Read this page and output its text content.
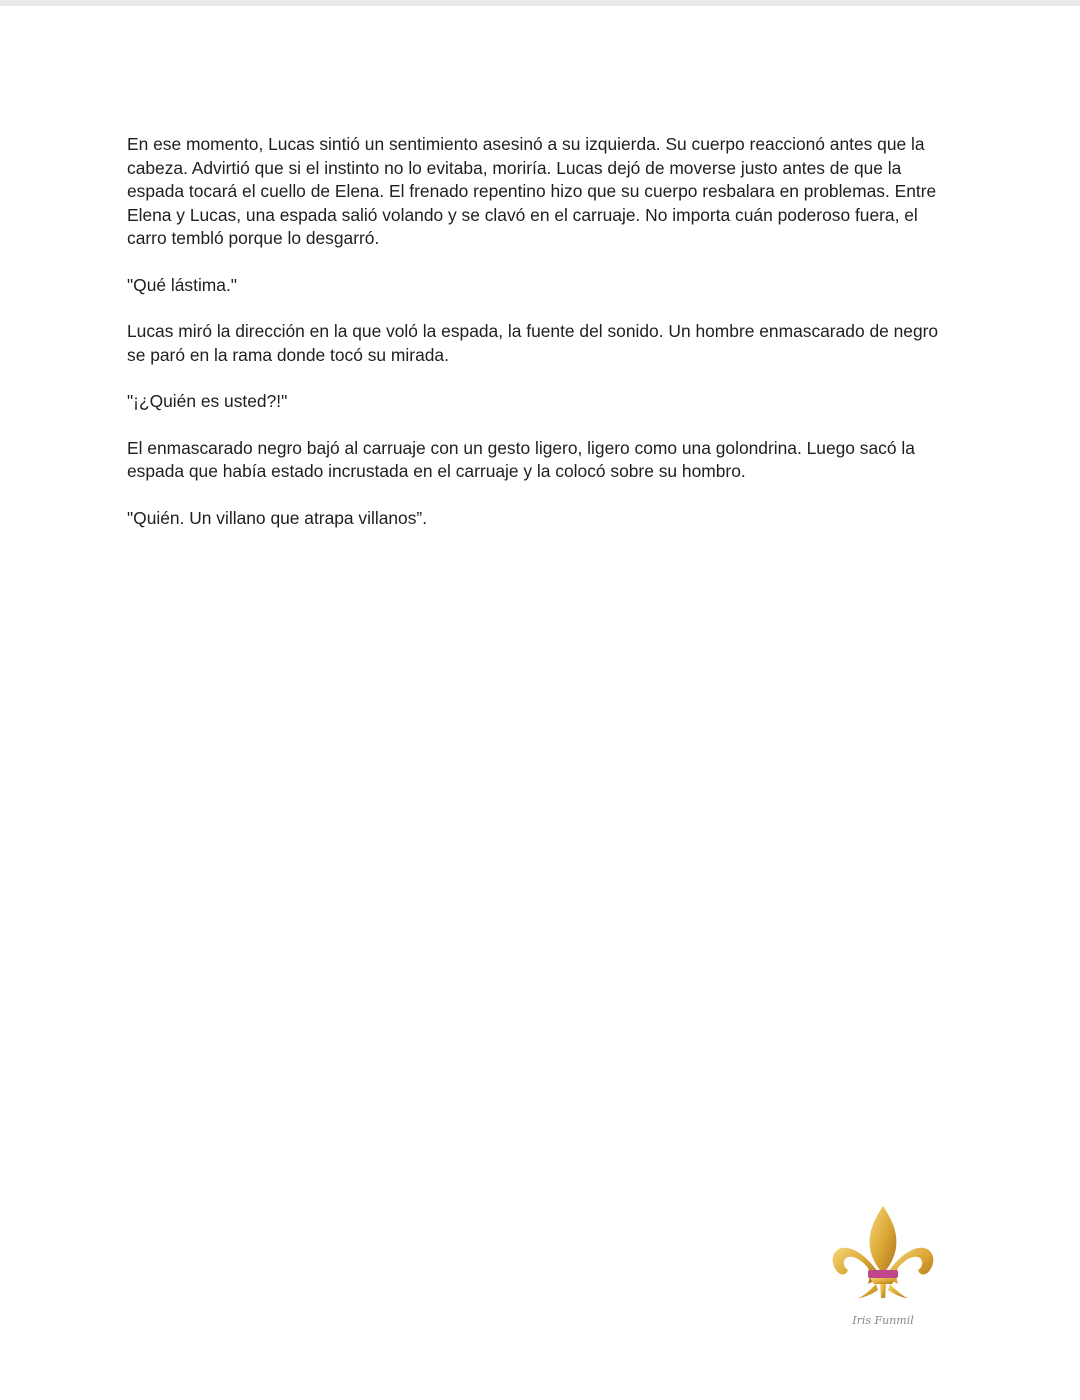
En ese momento, Lucas sintió un sentimiento asesinó a su izquierda. Su cuerpo reaccionó antes que la cabeza. Advirtió que si el instinto no lo evitaba, moriría. Lucas dejó de moverse justo antes de que la espada tocará el cuello de Elena. El frenado repentino hizo que su cuerpo resbalara en problemas. Entre Elena y Lucas, una espada salió volando y se clavó en el carruaje. No importa cuán poderoso fuera, el carro tembló porque lo desgarró.

"Qué lástima."

Lucas miró la dirección en la que voló la espada, la fuente del sonido. Un hombre enmascarado de negro se paró en la rama donde tocó su mirada.

"¡¿Quién es usted?!"

El enmascarado negro bajó al carruaje con un gesto ligero, ligero como una golondrina. Luego sacó la espada que había estado incrustada en el carruaje y la colocó sobre su hombro.

"Quién. Un villano que atrapa villanos”.

Iris Funmil
